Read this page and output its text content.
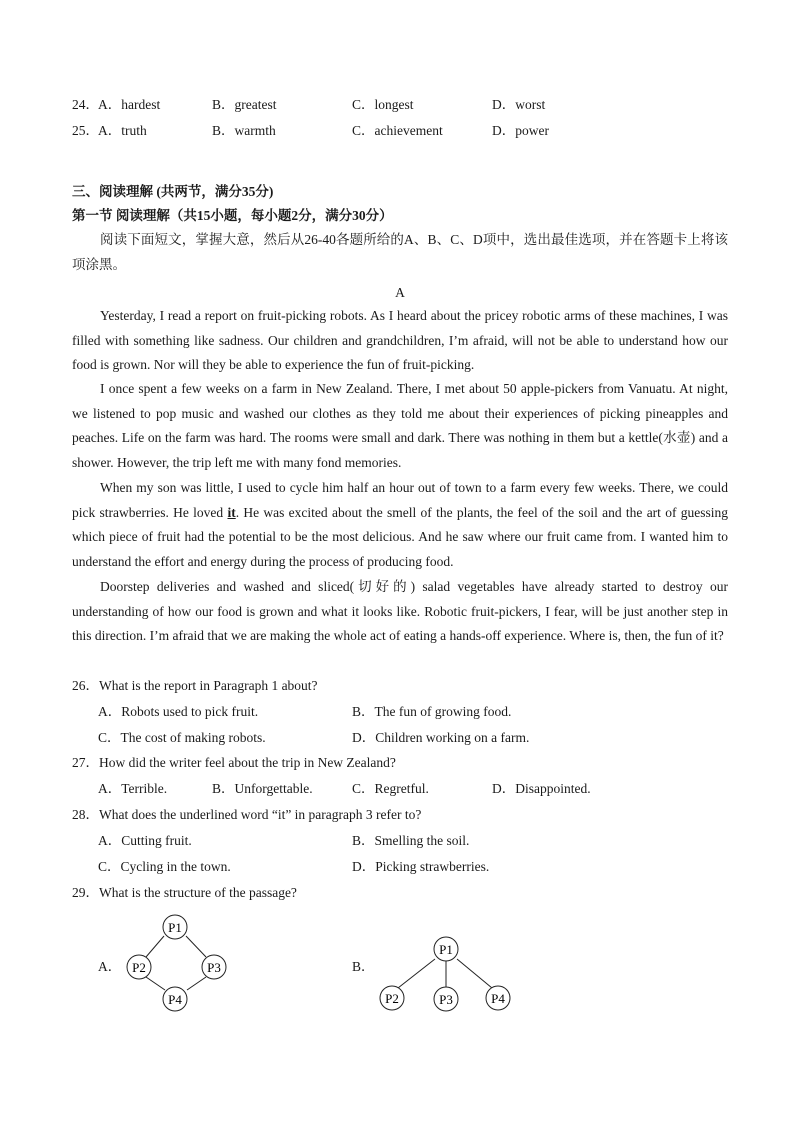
24． A．hardest	B．greatest	C．longest	D．worst
25． A．truth	B．warmth	C．achievement	D．power
三、阅读理解 (共两节，满分35分)
第一节 阅读理解（共15小题，每小题2分，满分30分）
阅读下面短文，掌握大意，然后从26-40各题所给的A、B、C、D项中，选出最佳选项，并在答题卡上将该项涂黑。
A
Yesterday, I read a report on fruit-picking robots. As I heard about the pricey robotic arms of these machines, I was filled with something like sadness. Our children and grandchildren, I’m afraid, will not be able to understand how our food is grown. Nor will they be able to experience the fun of fruit-picking.
I once spent a few weeks on a farm in New Zealand. There, I met about 50 apple-pickers from Vanuatu. At night, we listened to pop music and washed our clothes as they told me about their experiences of picking pineapples and peaches. Life on the farm was hard. The rooms were small and dark. There was nothing in them but a kettle(水壶) and a shower. However, the trip left me with many fond memories.
When my son was little, I used to cycle him half an hour out of town to a farm every few weeks. There, we could pick strawberries. He loved it. He was excited about the smell of the plants, the feel of the soil and the art of guessing which piece of fruit had the potential to be the most delicious. And he saw where our fruit came from. I wanted him to understand the effort and energy during the process of producing food.
Doorstep deliveries and washed and sliced(切好的) salad vegetables have already started to destroy our understanding of how our food is grown and what it looks like. Robotic fruit-pickers, I fear, will be just another step in this direction. I’m afraid that we are making the whole act of eating a hands-off experience. Where is, then, the fun of it?
26．What is the report in Paragraph 1 about?
A．Robots used to pick fruit.	B．The fun of growing food.
C．The cost of making robots.	D．Children working on a farm.
27．How did the writer feel about the trip in New Zealand?
A．Terrible.	B．Unforgettable.	C．Regretful.	D．Disappointed.
28．What does the underlined word “it” in paragraph 3 refer to?
A．Cutting fruit.	B．Smelling the soil.
C．Cycling in the town.	D．Picking strawberries.
29．What is the structure of the passage?
A．	B．
P1
P2	P3
P4
P1
P2	P3	P4
